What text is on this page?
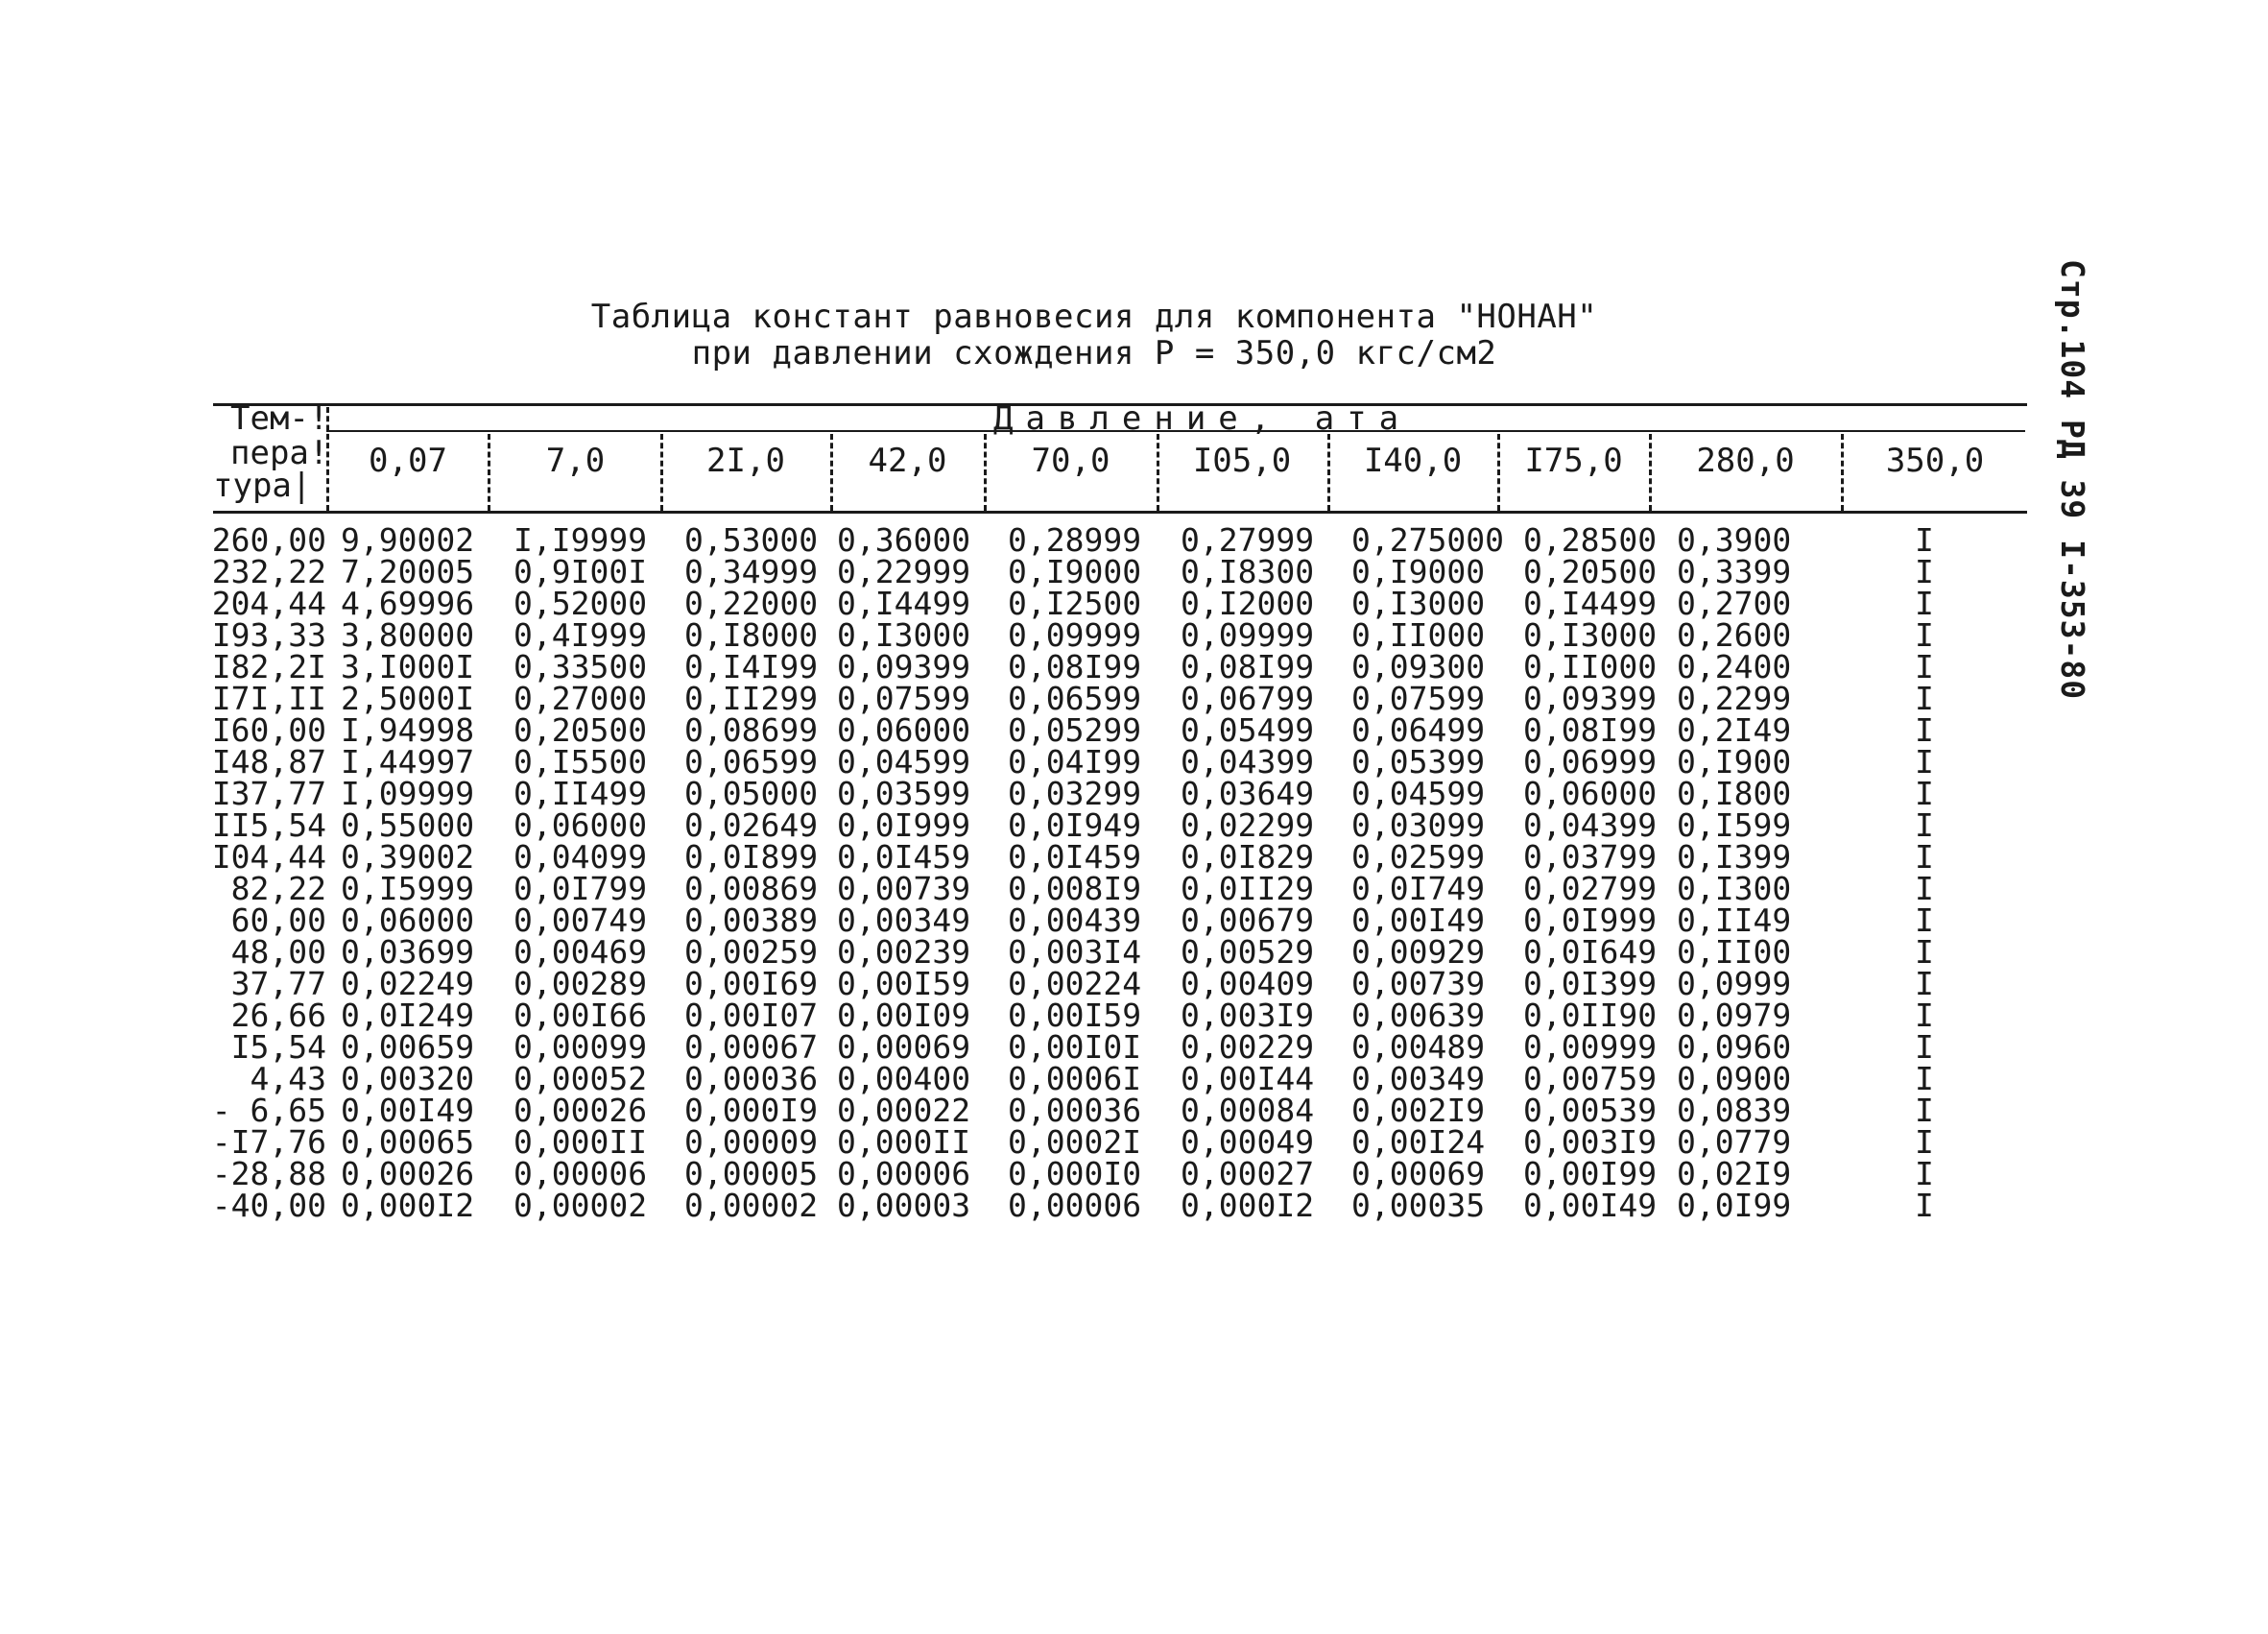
Таблица констант равновесия для компонента "НОНАН"
при давлении схождения Р = 350,0 кгс/см2	Стр.104 РД 39 I-353-80
Тем-!
пера!
тура|
Давление, ата
0,07	7,0	2I,0	42,0	70,0	I05,0	I40,0	I75,0	280,0	350,0
260,00 9,90002 I,I9999 0,53000 0,36000 0,28999 0,27999 0,275000 0,28500 0,3900	I
232,22 7,20005 0,9I00I 0,34999 0,22999 0,I9000 0,I8300 0,I9000 0,20500 0,3399	I
204,44 4,69996 0,52000 0,22000 0,I4499 0,I2500 0,I2000 0,I3000 0,I4499 0,2700	I
I93,33 3,80000 0,4I999 0,I8000 0,I3000 0,09999 0,09999 0,II000 0,I3000 0,2600	I
I82,2I 3,I000I 0,33500 0,I4I99 0,09399 0,08I99 0,08I99 0,09300 0,II000 0,2400	I
I7I,II 2,5000I 0,27000 0,II299 0,07599 0,06599 0,06799 0,07599 0,09399 0,2299	I
I60,00 I,94998 0,20500 0,08699 0,06000 0,05299 0,05499 0,06499 0,08I99 0,2I49	I
I48,87 I,44997 0,I5500 0,06599 0,04599 0,04I99 0,04399 0,05399 0,06999 0,I900	I
I37,77 I,09999 0,II499 0,05000 0,03599 0,03299 0,03649 0,04599 0,06000 0,I800	I
II5,54 0,55000 0,06000 0,02649 0,0I999 0,0I949 0,02299 0,03099 0,04399 0,I599	I
I04,44 0,39002 0,04099 0,0I899 0,0I459 0,0I459 0,0I829 0,02599 0,03799 0,I399	I
82,22 0,I5999 0,0I799 0,00869 0,00739 0,008I9 0,0II29 0,0I749 0,02799 0,I300	I
60,00 0,06000 0,00749 0,00389 0,00349 0,00439 0,00679 0,00I49 0,0I999 0,II49	I
48,00 0,03699 0,00469 0,00259 0,00239 0,003I4 0,00529 0,00929 0,0I649 0,II00	I
37,77 0,02249 0,00289 0,00I69 0,00I59 0,00224 0,00409 0,00739 0,0I399 0,0999	I
26,66 0,0I249 0,00I66 0,00I07 0,00I09 0,00I59 0,003I9 0,00639 0,0II90 0,0979	I
I5,54 0,00659 0,00099 0,00067 0,00069 0,00I0I 0,00229 0,00489 0,00999 0,0960	I
4,43 0,00320 0,00052 0,00036 0,00400 0,0006I 0,00I44 0,00349 0,00759 0,0900	I
- 6,65 0,00I49 0,00026 0,000I9 0,00022 0,00036 0,00084 0,002I9 0,00539 0,0839	I
-I7,76 0,00065 0,000II 0,00009 0,000II 0,0002I 0,00049 0,00I24 0,003I9 0,0779	I
-28,88 0,00026 0,00006 0,00005 0,00006 0,000I0 0,00027 0,00069 0,00I99 0,02I9	I
-40,00 0,000I2 0,00002 0,00002 0,00003 0,00006 0,000I2 0,00035 0,00I49 0,0I99	I
